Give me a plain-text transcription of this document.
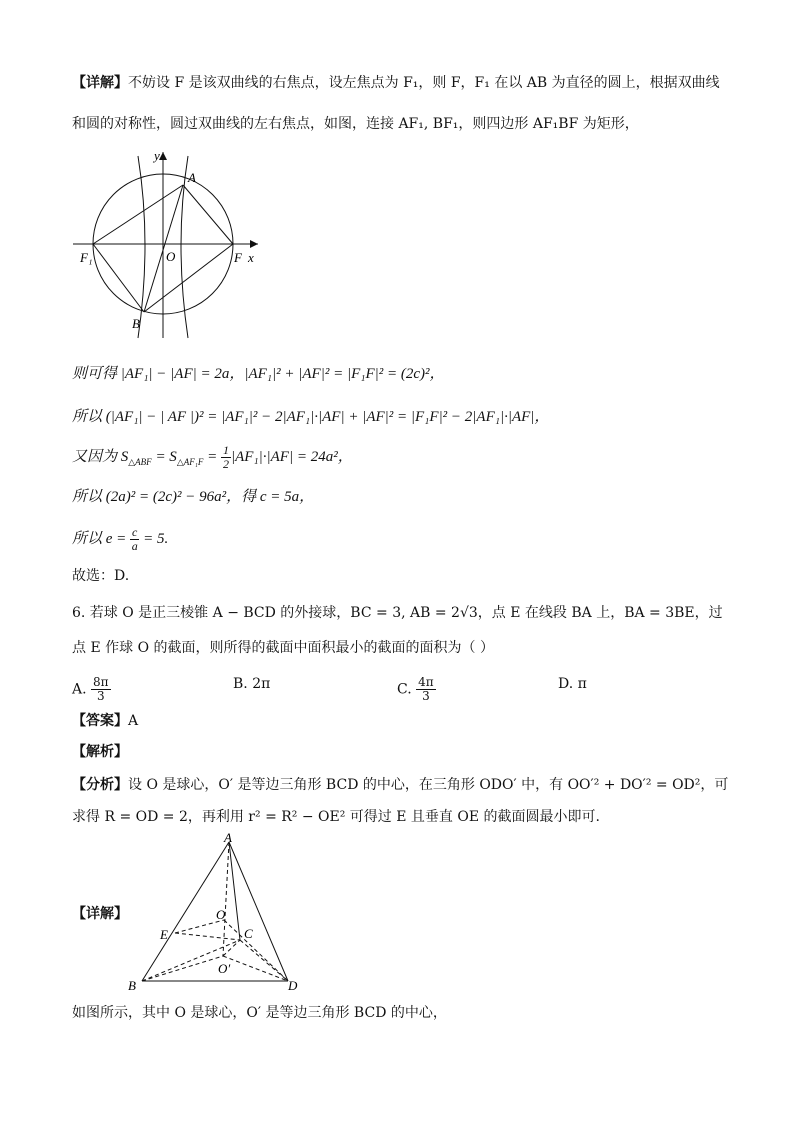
【详解】不妨设 F 是该双曲线的右焦点，设左焦点为 F₁，则 F，F₁ 在以 AB 为直径的圆上，根据双曲线
和圆的对称性，圆过双曲线的左右焦点，如图，连接 AF₁, BF₁，则四边形 AF₁BF 为矩形，
A
B
O	F
F₁	x
y
则可得 |AF₁| − |AF| = 2a，|AF₁|² + |AF|² = |F₁F|² = (2c)²，
所以 (|AF₁| − | AF |)² = |AF₁|² − 2|AF₁|·|AF| + |AF|² = |F₁F|² − 2|AF₁|·|AF|，
又因为 $S_{\triangle ABF} = S_{\triangle AF_1F} = \frac{1}{2} |AF_1|\cdot|AF| = 24a^2$，
所以 (2a)² = (2c)² − 96a²，得 c = 5a，
所以 $e = \frac{c}{a} = 5$.
故选：D.
6. 若球 O 是正三棱锥 A − BCD 的外接球，BC = 3, AB = 2√3，点 E 在线段 BA 上，BA = 3BE，过
点 E 作球 O 的截面，则所得的截面中面积最小的截面的面积为（ ）
A. $\frac{8\pi}{3}$	B. 2π	C. $\frac{4\pi}{3}$	D. π
【答案】A
【解析】
【分析】设 O 是球心，O′ 是等边三角形 BCD 的中心，在三角形 ODO′ 中，有 OO′² + DO′² = OD²，可
求得 R = OD = 2，再利用 r² = R² − OE² 可得过 E 且垂直 OE 的截面圆最小即可.
【详解】
A
B
C
D
E
O
O′
如图所示，其中 O 是球心，O′ 是等边三角形 BCD 的中心，
